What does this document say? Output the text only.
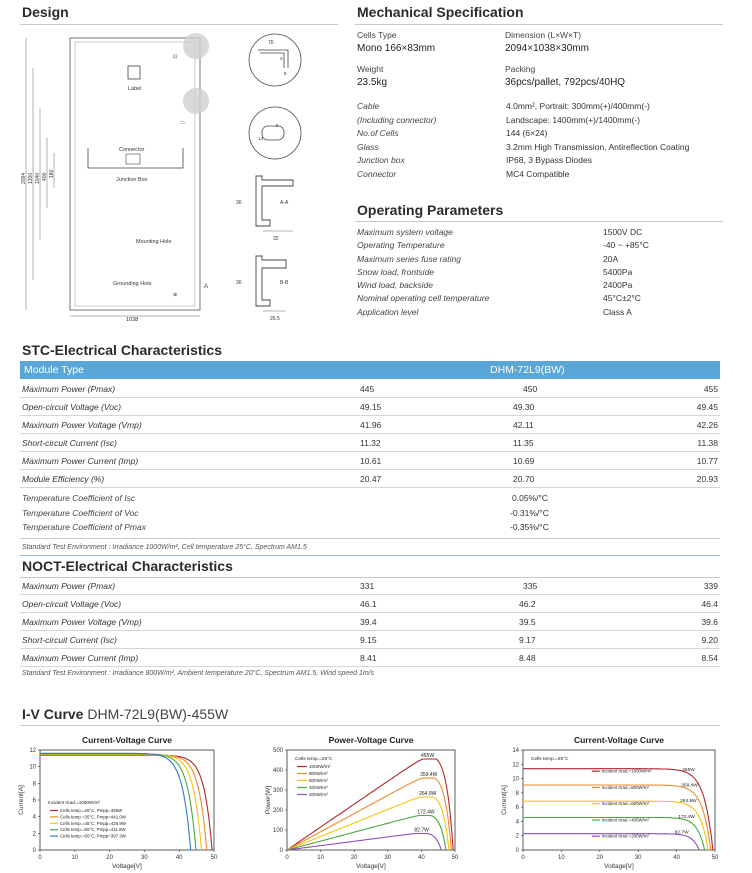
Design
Label
Connector
Junction Box
Mounting Hole
Grounding Hole	A
⊕
⊡
▭
1038
2094 1300 1040 400 180
70
3
8
14
9
32
30	A-A
26.5
30	B-B
Mechanical Specification
Cells Type
Mono 166×83mm
Dimension (L×W×T)
2094×1038×30mm
Weight
23.5kg
Packing
36pcs/pallet, 792pcs/40HQ
Cable	4.0mm², Portrait: 300mm(+)/400mm(-)
(Including connector)	Landscape: 1400mm(+)/1400mm(-)
No.of Cells	144 (6×24)
Glass	3.2mm High Transmission, Antireflection Coating
Junction box	IP68, 3 Bypass Diodes
Connector	MC4 Compatible
Operating Parameters
Maximum system voltage	1500V DC
Operating Temperature	-40 ~ +85°C
Maximum series fuse rating	20A
Snow load, frontside	5400Pa
Wind load, backside	2400Pa
Nominal operating cell temperature	45°C±2°C
Application level	Class A
STC-Electrical Characteristics
Module Type	DHM-72L9(BW)
Maximum Power (Pmax)	445	450	455
Open-circuit Voltage (Voc)	49.15	49.30	49.45
Maximum Power Voltage (Vmp)	41.96	42.11	42.26
Short-circuit Current (Isc)	11.32	11.35	11.38
Maximum Power Current (Imp)	10.61	10.69	10.77
Module Efficiency (%)	20.47	20.70	20.93
Temperature Coefficient of Isc	0.05%/°C
Temperature Coefficient of Voc	-0.31%/°C
Temperature Coefficient of Pmax	-0.35%/°C
Standard Test Environment : Irradiance 1000W/m², Cell temperature 25°C, Spectrum AM1.5
NOCT-Electrical Characteristics
Maximum Power (Pmax)	331	335	339
Open-circuit Voltage (Voc)	46.1	46.2	46.4
Maximum Power Voltage (Vmp)	39.4	39.5	39.6
Short-circuit Current (Isc)	9.15	9.17	9.20
Maximum Power Current (Imp)	8.41	8.48	8.54
Standard Test Environment : Irradiance 800W/m², Ambient temperature 20°C, Spectrum AM1.5, Wind speed 1m/s
I-V Curve DHM-72L9(BW)-455W
Current-Voltage Curve
0	10	20	30	40	50
0
2
4
6
8
10
12
Voltage[V]
Current[A]	Incident Irrad.=1000W/m²
Cells temp.=25°C, Pmpp=455W
Cells temp.=35°C, Pmpp=441.0W
Cells temp.=45°C, Pmpp=426.9W
Cells temp.=55°C, Pmpp=411.9W
Cells temp.=65°C, Pmpp=397.3W
Power-Voltage Curve
0	10	20	30	40	50
0
100
200
300
400
500
Voltage[V]
Power[W]
455W
359.4W
264.9W
172.4W
82.7W
Cells temp.=25°C
1000W/m²
800W/m²
600W/m²
400W/m²
200W/m²
Current-Voltage Curve
0	10	20	30	40	50
0
2
4
6
8
10
12
14
Voltage[V]
Current[A]
Cells temp.=25°C
Incident Irrad.=1000W/m²	455W
Incident Irrad.=800W/m²	359.4W
Incident Irrad.=600W/m²	264.9W
Incident Irrad.=400W/m²
172.4W
Incident Irrad.=200W/m²
82.7W
